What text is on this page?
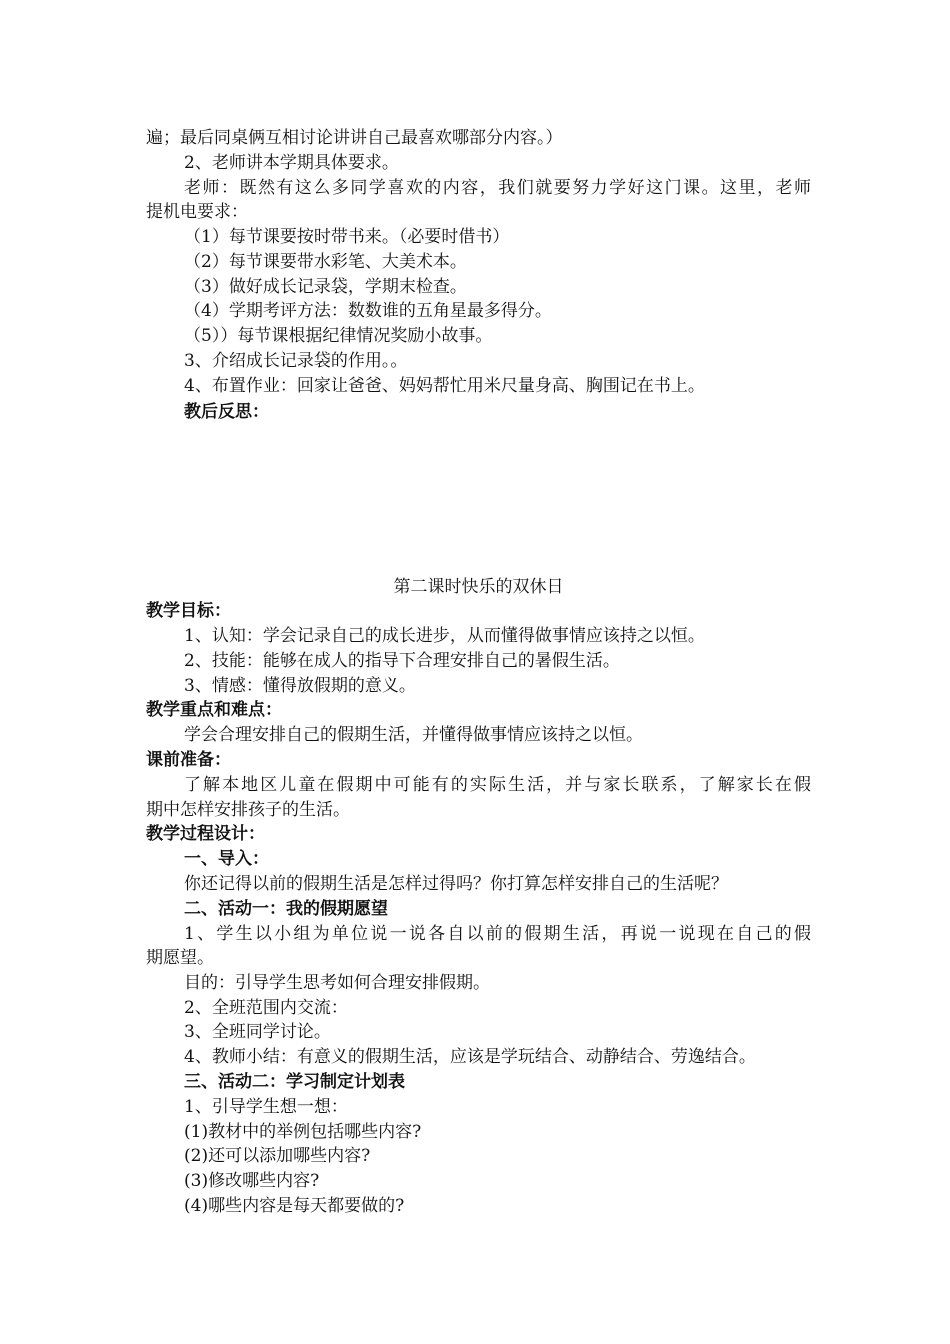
遍；最后同桌俩互相讨论讲讲自己最喜欢哪部分内容。）
2、老师讲本学期具体要求。
老师：既然有这么多同学喜欢的内容，我们就要努力学好这门课。这里，老师
提机电要求：
（1）每节课要按时带书来。（必要时借书）
（2）每节课要带水彩笔、大美术本。
（3）做好成长记录袋，学期末检查。
（4）学期考评方法：数数谁的五角星最多得分。
（5））每节课根据纪律情况奖励小故事。
3、介绍成长记录袋的作用。。
4、布置作业：回家让爸爸、妈妈帮忙用米尺量身高、胸围记在书上。
教后反思：
第二课时快乐的双休日
教学目标：
1、认知：学会记录自己的成长进步，从而懂得做事情应该持之以恒。
2、技能：能够在成人的指导下合理安排自己的暑假生活。
3、情感：懂得放假期的意义。
教学重点和难点：
学会合理安排自己的假期生活，并懂得做事情应该持之以恒。
课前准备：
了解本地区儿童在假期中可能有的实际生活，并与家长联系，了解家长在假
期中怎样安排孩子的生活。
教学过程设计：
一、导入：
你还记得以前的假期生活是怎样过得吗？你打算怎样安排自己的生活呢？
二、活动一：我的假期愿望
1、学生以小组为单位说一说各自以前的假期生活，再说一说现在自己的假
期愿望。
目的：引导学生思考如何合理安排假期。
2、全班范围内交流：
3、全班同学讨论。
4、教师小结：有意义的假期生活，应该是学玩结合、动静结合、劳逸结合。
三、活动二：学习制定计划表
1、引导学生想一想：
(1)教材中的举例包括哪些内容?
(2)还可以添加哪些内容?
(3)修改哪些内容?
(4)哪些内容是每天都要做的?
